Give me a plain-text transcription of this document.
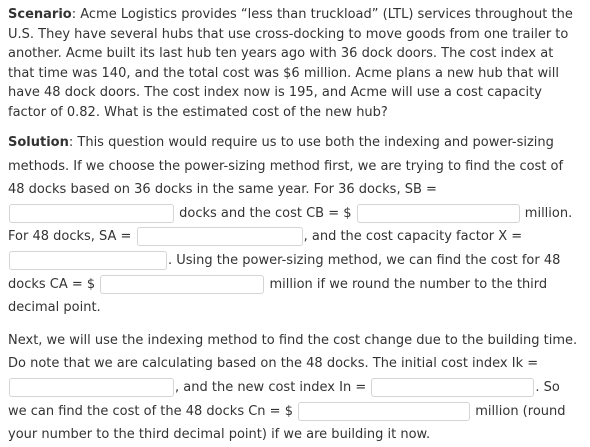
Scenario: Acme Logistics provides “less than truckload” (LTL) services throughout the U.S. They have several hubs that use cross-docking to move goods from one trailer to another. Acme built its last hub ten years ago with 36 dock doors. The cost index at that time was 140, and the total cost was $6 million. Acme plans a new hub that will have 48 dock doors. The cost index now is 195, and Acme will use a cost capacity factor of 0.82. What is the estimated cost of the new hub?

Solution: This question would require us to use both the indexing and power-sizing methods. If we choose the power-sizing method first, we are trying to find the cost of 48 docks based on 36 docks in the same year. For 36 docks, SB =  docks and the cost CB = $	million. For 48 docks, SA =	, and the cost capacity factor X = . Using the power-sizing method, we can find the cost for 48 docks CA = $	million if we round the number to the third decimal point.

Next, we will use the indexing method to find the cost change due to the building time. Do note that we are calculating based on the 48 docks. The initial cost index Ik = , and the new cost index In =	. So we can find the cost of the 48 docks Cn = $	million (round your number to the third decimal point) if we are building it now.
